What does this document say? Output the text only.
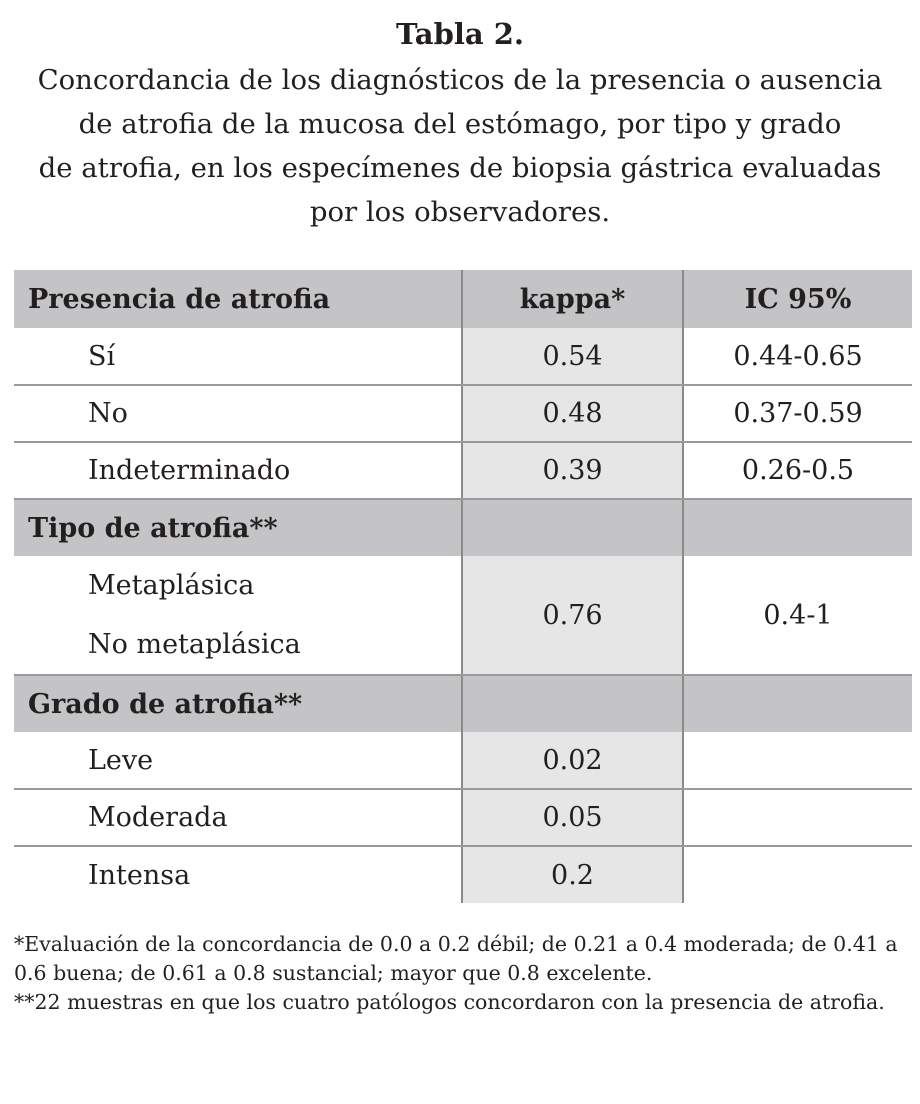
Tabla 2.
Concordancia de los diagnósticos de la presencia o ausencia
de atrofia de la mucosa del estómago, por tipo y grado
de atrofia, en los especímenes de biopsia gástrica evaluadas
por los observadores.
Presencia de atrofia	kappa*	IC 95%
Sí	0.54	0.44-0.65
No	0.48	0.37-0.59
Indeterminado	0.39	0.26-0.5
Tipo de atrofia**		

Metaplásica
No metaplásica	0.76	0.4-1
Grado de atrofia**		
Leve	0.02	
Moderada	0.05	
Intensa	0.2	

*Evaluación de la concordancia de 0.0 a 0.2 débil; de 0.21 a 0.4 moderada; de 0.41 a 0.6 buena; de 0.61 a 0.8 sustancial; mayor que 0.8 excelente.

**22 muestras en que los cuatro patólogos concordaron con la presencia de atrofia.
